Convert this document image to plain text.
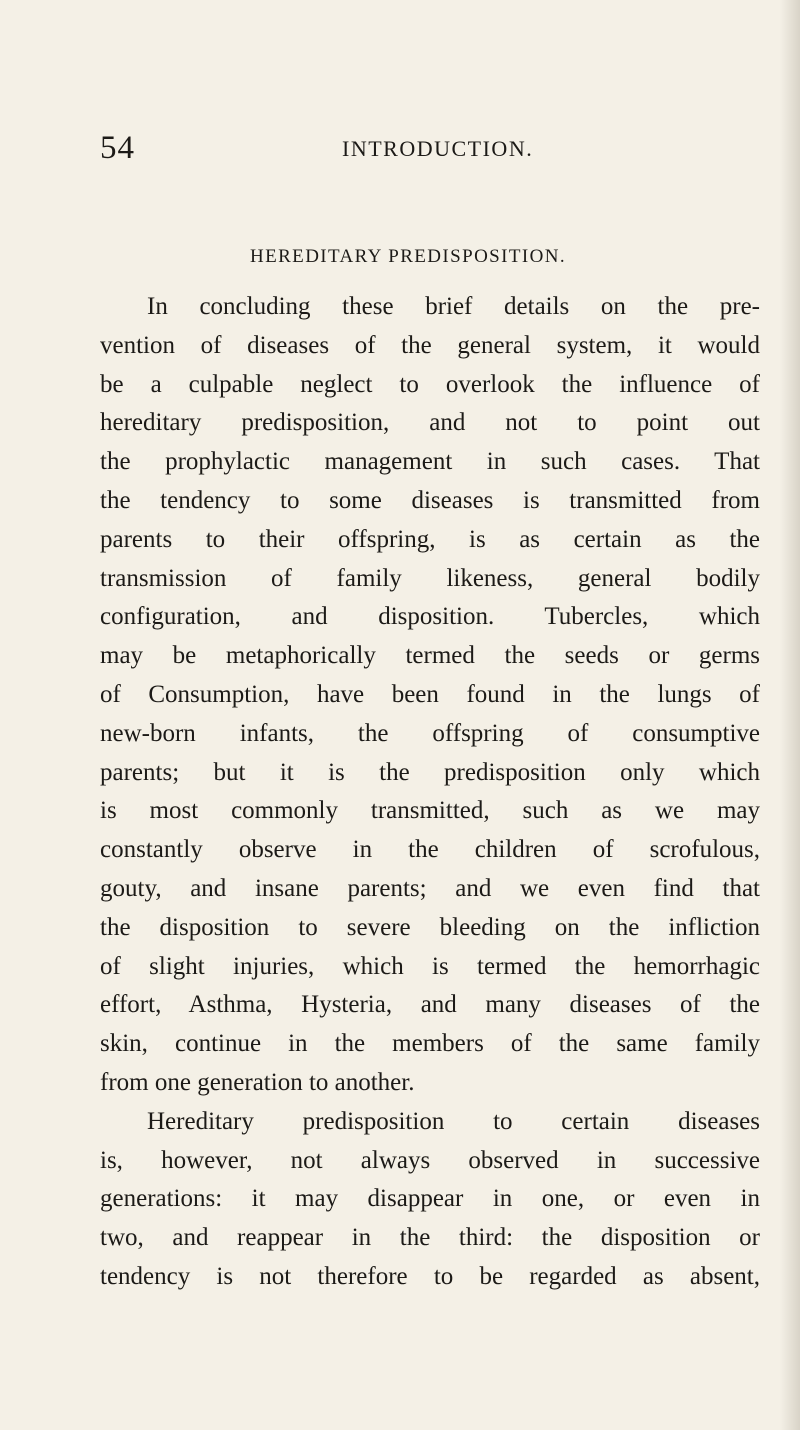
54	INTRODUCTION.
HEREDITARY PREDISPOSITION.
In concluding these brief details on the pre-
vention of diseases of the general system, it would
be a culpable neglect to overlook the influence of
hereditary predisposition, and not to point out
the prophylactic management in such cases. That
the tendency to some diseases is transmitted from
parents to their offspring, is as certain as the
transmission of family likeness, general bodily
configuration, and disposition. Tubercles, which
may be metaphorically termed the seeds or germs
of Consumption, have been found in the lungs of
new-born infants, the offspring of consumptive
parents; but it is the predisposition only which
is most commonly transmitted, such as we may
constantly observe in the children of scrofulous,
gouty, and insane parents; and we even find that
the disposition to severe bleeding on the infliction
of slight injuries, which is termed the hemorrhagic
effort, Asthma, Hysteria, and many diseases of the
skin, continue in the members of the same family
from one generation to another.
Hereditary predisposition to certain diseases
is, however, not always observed in successive
generations: it may disappear in one, or even in
two, and reappear in the third: the disposition or
tendency is not therefore to be regarded as absent,
